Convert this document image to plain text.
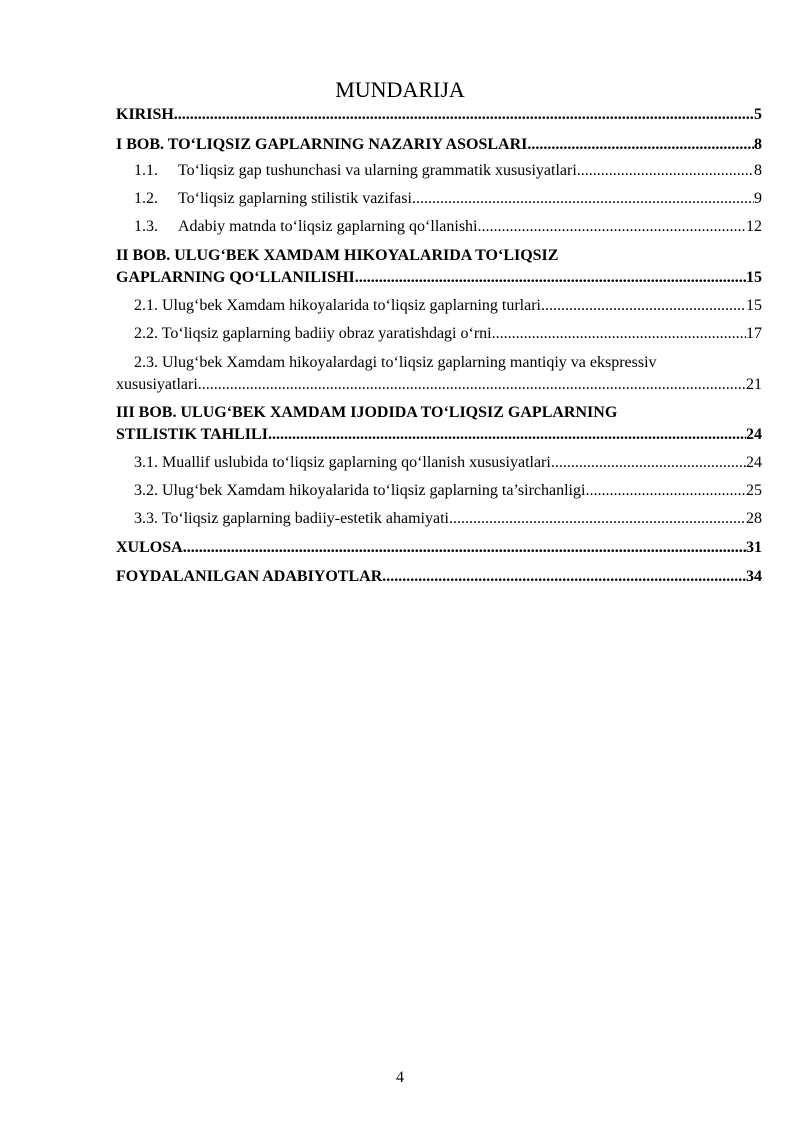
MUNDARIJA
KIRISH .....	5
I BOB. TO‘LIQSIZ GAPLARNING NAZARIY ASOSLARI .....	8
1.1. To‘liqsiz gap tushunchasi va ularning grammatik xususiyatlari .....	8
1.2. To‘liqsiz gaplarning stilistik vazifasi .....	9
1.3. Adabiy matnda to‘liqsiz gaplarning qo‘llanishi .....	12
II BOB. ULUG‘BEK XAMDAM HIKOYALARIDA TO‘LIQSIZ
GAPLARNING QO‘LLANILISHI .....	15
2.1. Ulug‘bek Xamdam hikoyalarida to‘liqsiz gaplarning turlari .....	15
2.2. To‘liqsiz gaplarning badiiy obraz yaratishdagi o‘rni .....	17
2.3. Ulug‘bek Xamdam hikoyalardagi to‘liqsiz gaplarning mantiqiy va ekspressiv
xususiyatlari .....	21
III BOB. ULUG‘BEK XAMDAM IJODIDA TO‘LIQSIZ GAPLARNING
STILISTIK TAHLILI .....	24
3.1. Muallif uslubida to‘liqsiz gaplarning qo‘llanish xususiyatlari .....	24
3.2. Ulug‘bek Xamdam hikoyalarida to‘liqsiz gaplarning ta’sirchanligi .....	25
3.3. To‘liqsiz gaplarning badiiy-estetik ahamiyati .....	28
XULOSA .....	31
FOYDALANILGAN ADABIYOTLAR .....	34
4
